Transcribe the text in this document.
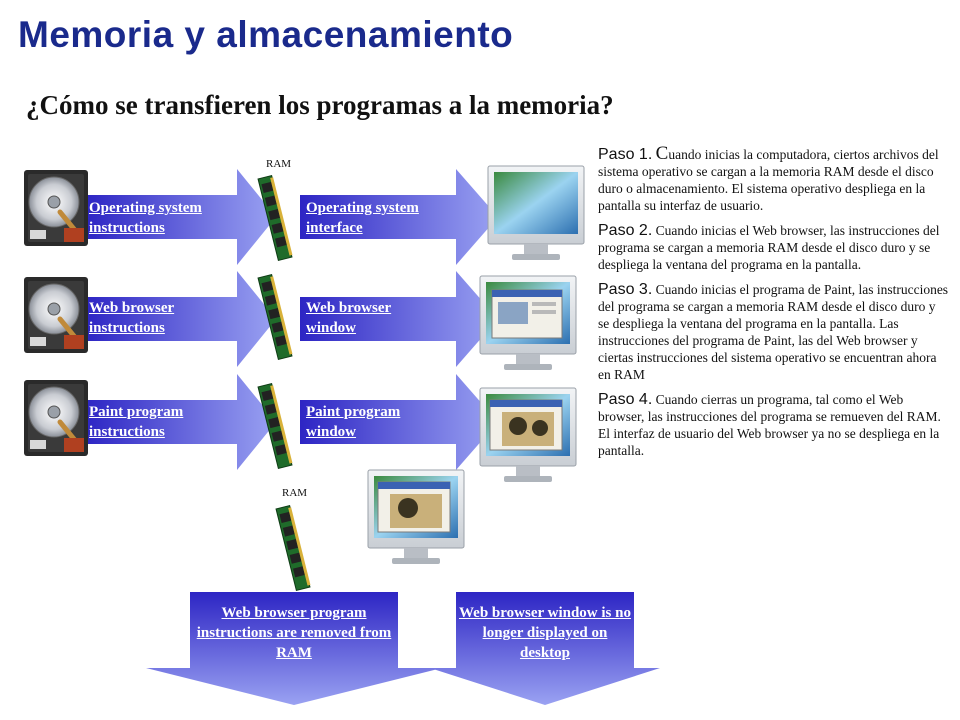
Memoria y almacenamiento
¿Cómo se transfieren los programas a la memoria?
RAM
RAM
Operating system instructions
Operating system interface
Web browser instructions
Web browser window
Paint program instructions
Paint program window
Web browser program instructions are removed from RAM
Web browser window is no longer displayed on desktop
Paso 1. Cuando inicias la computadora, ciertos archivos del sistema operativo se cargan a la memoria RAM desde el disco duro o almacenamiento. El sistema operativo despliega en la pantalla su interfaz de usuario.
Paso 2. Cuando inicias el Web browser, las instrucciones del programa se cargan a memoria RAM desde el disco duro y se despliega la ventana del programa en la pantalla.
Paso 3. Cuando inicias el programa de Paint, las instrucciones del programa se cargan a memoria RAM desde el disco duro y se despliega la ventana del programa en la pantalla. Las instrucciones del programa de Paint, las del Web browser y ciertas instrucciones del sistema operativo se encuentran ahora en RAM
Paso 4. Cuando cierras un programa, tal como el Web browser, las instrucciones del programa se remueven del RAM. El interfaz de usuario del Web browser ya no se despliega en la pantalla.
